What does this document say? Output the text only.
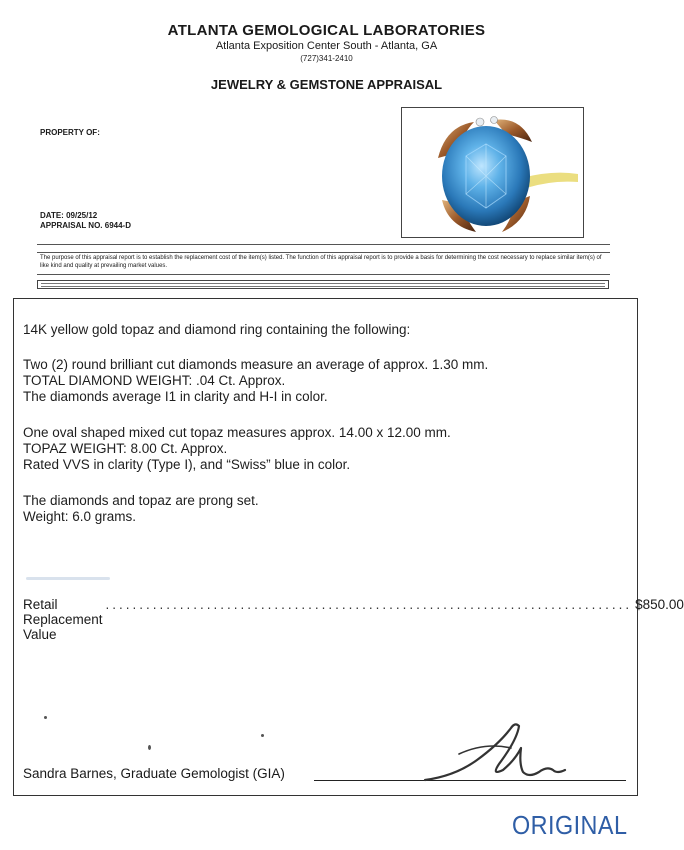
ATLANTA GEMOLOGICAL LABORATORIES
Atlanta Exposition Center South - Atlanta, GA
(727)341-2410
JEWELRY & GEMSTONE APPRAISAL
PROPERTY OF:
DATE: 09/25/12
APPRAISAL NO. 6944-D
The purpose of this appraisal report is to establish the replacement cost of the item(s) listed. The function of this appraisal report is to provide a basis for determining the cost necessary to replace similar item(s) of like kind and quality at prevailing market values.
14K yellow gold topaz and diamond ring containing the following:
Two (2) round brilliant cut diamonds measure an average of approx. 1.30 mm.
TOTAL DIAMOND WEIGHT: .04 Ct. Approx.
The diamonds average I1 in clarity and H-I in color.
One oval shaped mixed cut topaz measures approx. 14.00 x 12.00 mm.
TOPAZ WEIGHT: 8.00 Ct. Approx.
Rated VVS in clarity (Type I), and “Swiss” blue in color.
The diamonds and topaz are prong set.
Weight: 6.0 grams.
Retail Replacement Value
.............................................................................. $850.00
Sandra Barnes, Graduate Gemologist (GIA)
ORIGINAL
